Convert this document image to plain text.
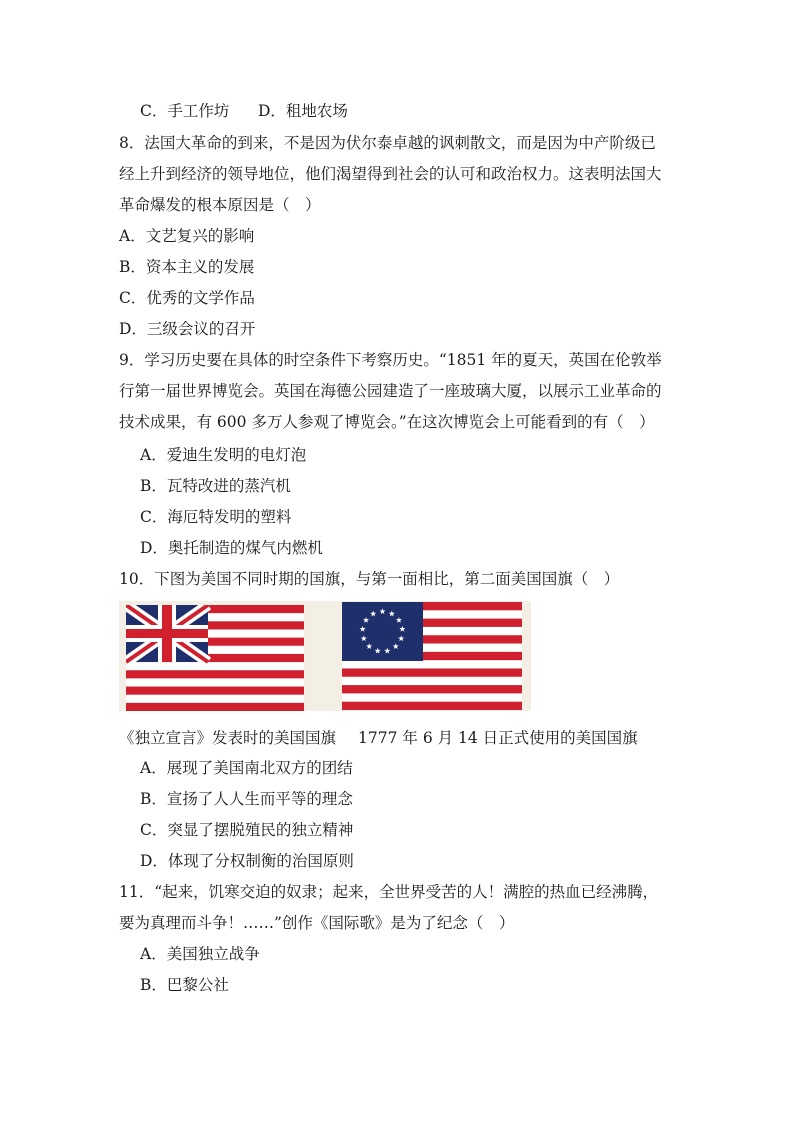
C．手工作坊 D．租地农场
8．法国大革命的到来，不是因为伏尔泰卓越的讽刺散文，而是因为中产阶级已
经上升到经济的领导地位，他们渴望得到社会的认可和政治权力。这表明法国大
革命爆发的根本原因是（　）
A．文艺复兴的影响
B．资本主义的发展
C．优秀的文学作品
D．三级会议的召开
9．学习历史要在具体的时空条件下考察历史。“1851 年的夏天，英国在伦敦举
行第一届世界博览会。英国在海德公园建造了一座玻璃大厦，以展示工业革命的
技术成果，有 600 多万人参观了博览会。”在这次博览会上可能看到的有（　）
A．爱迪生发明的电灯泡
B．瓦特改进的蒸汽机
C．海厄特发明的塑料
D．奥托制造的煤气内燃机
10．下图为美国不同时期的国旗，与第一面相比，第二面美国国旗（　）
《独立宣言》发表时的美国国旗 1777 年 6 月 14 日正式使用的美国国旗
A．展现了美国南北双方的团结
B．宣扬了人人生而平等的理念
C．突显了摆脱殖民的独立精神
D．体现了分权制衡的治国原则
11．“起来，饥寒交迫的奴隶；起来，全世界受苦的人！满腔的热血已经沸腾，
要为真理而斗争！……”创作《国际歌》是为了纪念（　）
A．美国独立战争
B．巴黎公社
